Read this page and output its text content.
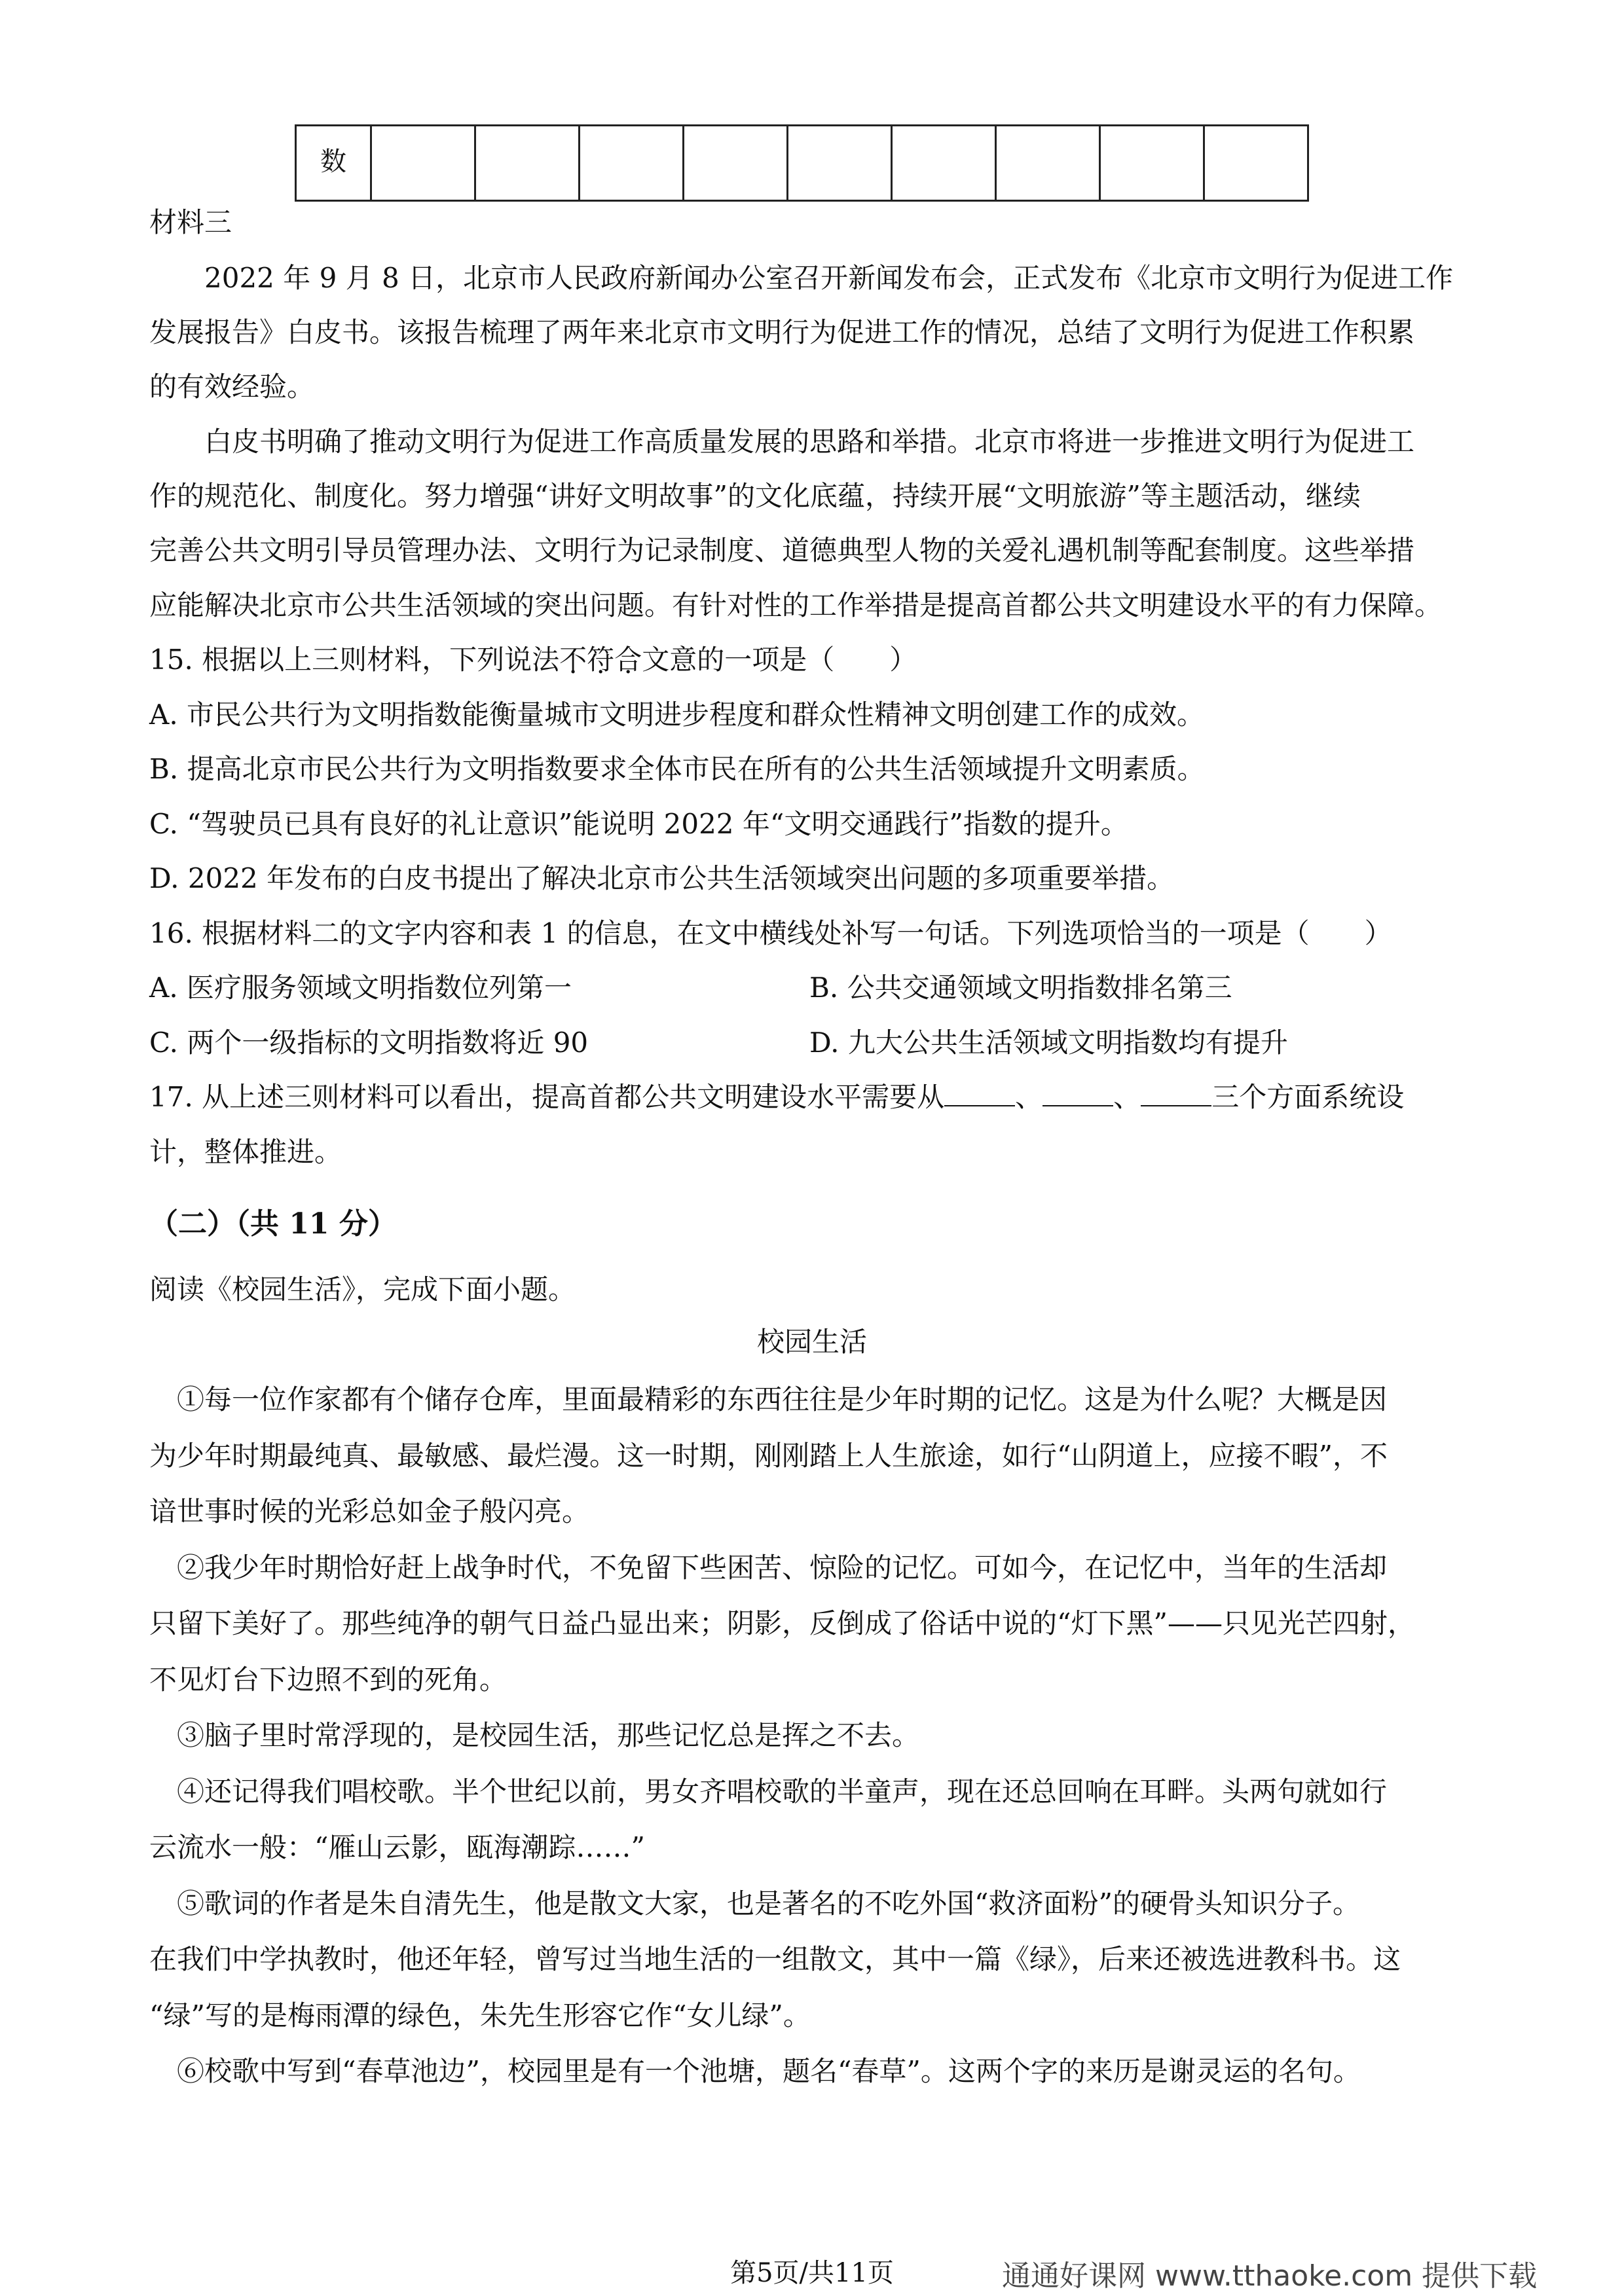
数									
材料三
　　2022 年 9 月 8 日，北京市人民政府新闻办公室召开新闻发布会，正式发布《北京市文明行为促进工作
发展报告》白皮书。该报告梳理了两年来北京市文明行为促进工作的情况，总结了文明行为促进工作积累
的有效经验。
　　白皮书明确了推动文明行为促进工作高质量发展的思路和举措。北京市将进一步推进文明行为促进工
作的规范化、制度化。努力增强“讲好文明故事”的文化底蕴，持续开展“文明旅游”等主题活动，继续
完善公共文明引导员管理办法、文明行为记录制度、道德典型人物的关爱礼遇机制等配套制度。这些举措
应能解决北京市公共生活领域的突出问题。有针对性的工作举措是提高首都公共文明建设水平的有力保障。
15. 根据以上三则材料，下列说法不符合文意的一项是（　　）
A. 市民公共行为文明指数能衡量城市文明进步程度和群众性精神文明创建工作的成效。
B. 提高北京市民公共行为文明指数要求全体市民在所有的公共生活领域提升文明素质。
C. “驾驶员已具有良好的礼让意识”能说明 2022 年“文明交通践行”指数的提升。
D. 2022 年发布的白皮书提出了解决北京市公共生活领域突出问题的多项重要举措。
16. 根据材料二的文字内容和表 1 的信息，在文中横线处补写一句话。下列选项恰当的一项是（　　）
A. 医疗服务领域文明指数位列第一	B. 公共交通领域文明指数排名第三
C. 两个一级指标的文明指数将近 90	D. 九大公共生活领域文明指数均有提升
17. 从上述三则材料可以看出，提高首都公共文明建设水平需要从	、	、	三个方面系统设
计，整体推进。
（二）（共 11 分）
阅读《校园生活》，完成下面小题。
校园生活
　①每一位作家都有个储存仓库，里面最精彩的东西往往是少年时期的记忆。这是为什么呢？大概是因
为少年时期最纯真、最敏感、最烂漫。这一时期，刚刚踏上人生旅途，如行“山阴道上，应接不暇”，不
谙世事时候的光彩总如金子般闪亮。
　②我少年时期恰好赶上战争时代，不免留下些困苦、惊险的记忆。可如今，在记忆中，当年的生活却
只留下美好了。那些纯净的朝气日益凸显出来；阴影，反倒成了俗话中说的“灯下黑”——只见光芒四射，
不见灯台下边照不到的死角。
　③脑子里时常浮现的，是校园生活，那些记忆总是挥之不去。
　④还记得我们唱校歌。半个世纪以前，男女齐唱校歌的半童声，现在还总回响在耳畔。头两句就如行
云流水一般：“雁山云影，瓯海潮踪……”
　⑤歌词的作者是朱自清先生，他是散文大家，也是著名的不吃外国“救济面粉”的硬骨头知识分子。
在我们中学执教时，他还年轻，曾写过当地生活的一组散文，其中一篇《绿》，后来还被选进教科书。这
“绿”写的是梅雨潭的绿色，朱先生形容它作“女儿绿”。
　⑥校歌中写到“春草池边”，校园里是有一个池塘，题名“春草”。这两个字的来历是谢灵运的名句。
第5页/共11页	通通好课网 www.tthaoke.com 提供下载
